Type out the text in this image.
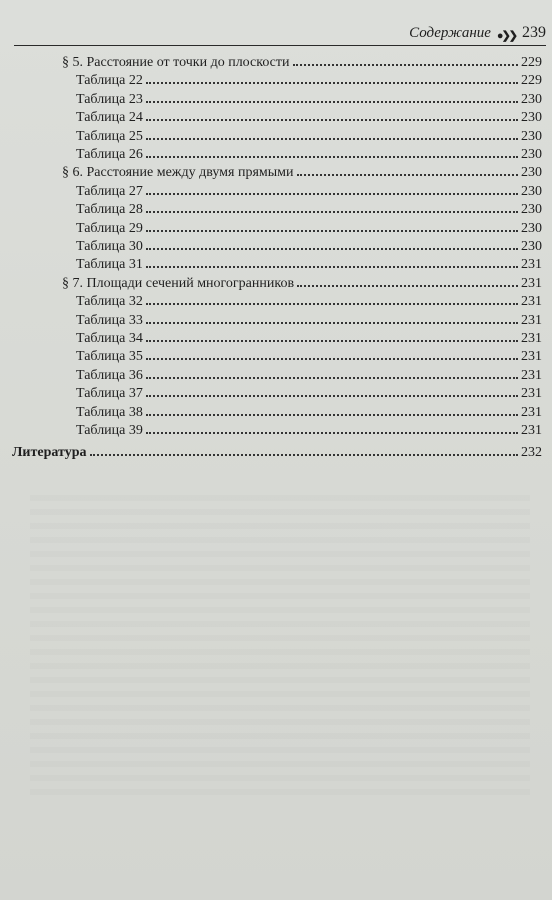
Содержание ●❯❯ 239
§ 5. Расстояние от точки до плоскости	229
Таблица 22	229
Таблица 23	230
Таблица 24	230
Таблица 25	230
Таблица 26	230
§ 6. Расстояние между двумя прямыми	230
Таблица 27	230
Таблица 28	230
Таблица 29	230
Таблица 30	230
Таблица 31	231
§ 7. Площади сечений многогранников	231
Таблица 32	231
Таблица 33	231
Таблица 34	231
Таблица 35	231
Таблица 36	231
Таблица 37	231
Таблица 38	231
Таблица 39	231
Литература	232
